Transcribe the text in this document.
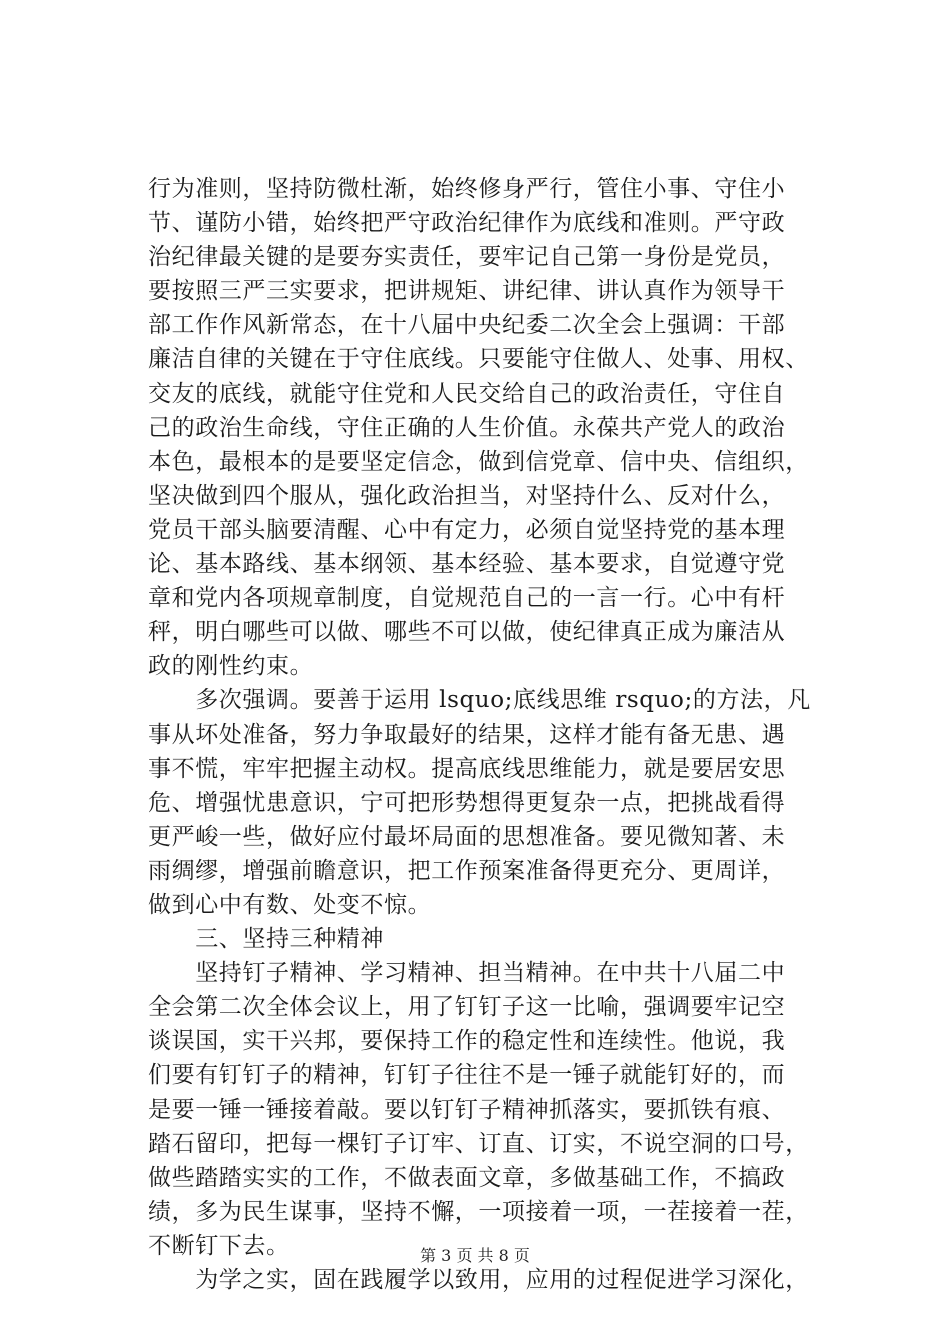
行为准则，坚持防微杜渐，始终修身严行，管住小事、守住小
节、谨防小错，始终把严守政治纪律作为底线和准则。严守政
治纪律最关键的是要夯实责任，要牢记自己第一身份是党员，
要按照三严三实要求，把讲规矩、讲纪律、讲认真作为领导干
部工作作风新常态，在十八届中央纪委二次全会上强调：干部
廉洁自律的关键在于守住底线。只要能守住做人、处事、用权、
交友的底线，就能守住党和人民交给自己的政治责任，守住自
己的政治生命线，守住正确的人生价值。永葆共产党人的政治
本色，最根本的是要坚定信念，做到信党章、信中央、信组织，
坚决做到四个服从，强化政治担当，对坚持什么、反对什么，
党员干部头脑要清醒、心中有定力，必须自觉坚持党的基本理
论、基本路线、基本纲领、基本经验、基本要求，自觉遵守党
章和党内各项规章制度，自觉规范自己的一言一行。心中有杆
秤，明白哪些可以做、哪些不可以做，使纪律真正成为廉洁从
政的刚性约束。
　　多次强调。要善于运用 lsquo;底线思维 rsquo;的方法，凡
事从坏处准备，努力争取最好的结果，这样才能有备无患、遇
事不慌，牢牢把握主动权。提高底线思维能力，就是要居安思
危、增强忧患意识，宁可把形势想得更复杂一点，把挑战看得
更严峻一些，做好应付最坏局面的思想准备。要见微知著、未
雨绸缪，增强前瞻意识，把工作预案准备得更充分、更周详，
做到心中有数、处变不惊。
　　三、坚持三种精神
　　坚持钉子精神、学习精神、担当精神。在中共十八届二中
全会第二次全体会议上，用了钉钉子这一比喻，强调要牢记空
谈误国，实干兴邦，要保持工作的稳定性和连续性。他说，我
们要有钉钉子的精神，钉钉子往往不是一锤子就能钉好的，而
是要一锤一锤接着敲。要以钉钉子精神抓落实，要抓铁有痕、
踏石留印，把每一棵钉子订牢、订直、订实，不说空洞的口号，
做些踏踏实实的工作，不做表面文章，多做基础工作，不搞政
绩，多为民生谋事，坚持不懈，一项接着一项，一茬接着一茬，
不断钉下去。
　　为学之实，固在践履学以致用，应用的过程促进学习深化，
第 3 页 共 8 页
